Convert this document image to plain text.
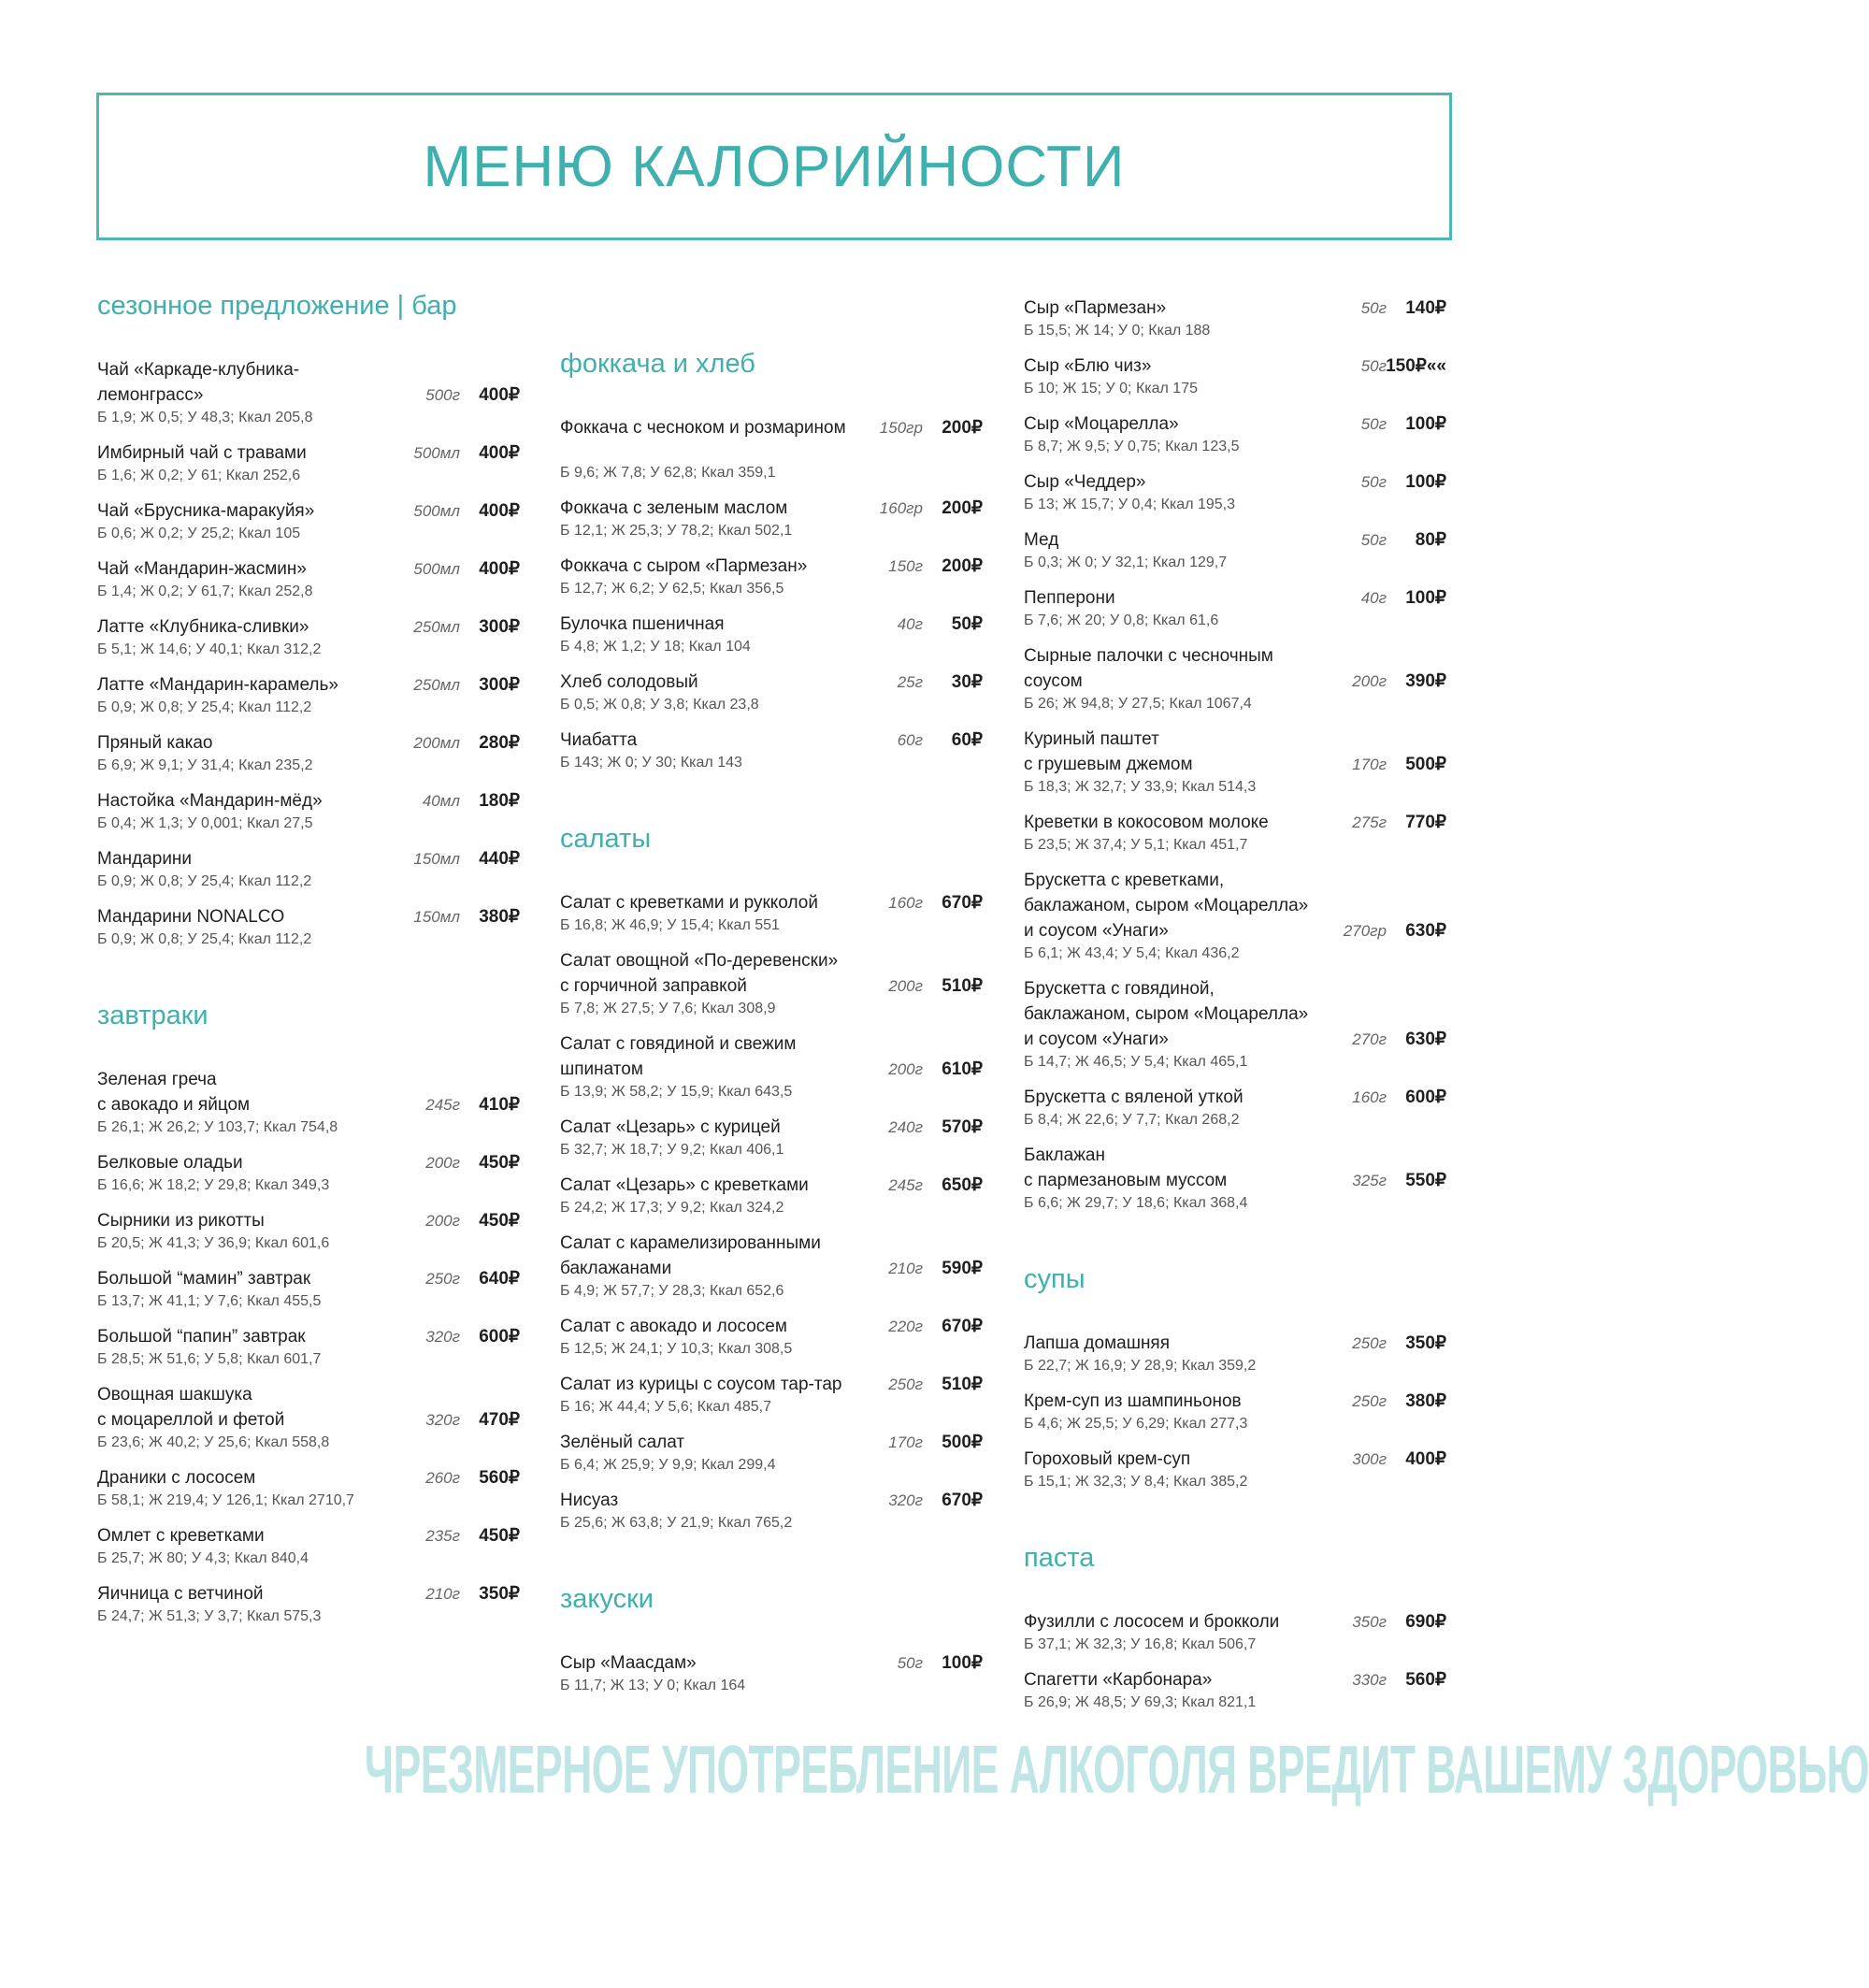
МЕНЮ КАЛОРИЙНОСТИ
сезонное предложение | бар
Чай «Каркаде-клубника-
лемонграсс»	500г	400₽
Б 1,9; Ж 0,5; У 48,3; Ккал 205,8
Имбирный чай с травами	500мл	400₽
Б 1,6; Ж 0,2; У 61; Ккал 252,6
Чай «Брусника-маракуйя»	500мл	400₽
Б 0,6; Ж 0,2; У 25,2; Ккал 105
Чай «Мандарин-жасмин»	500мл	400₽
Б 1,4; Ж 0,2; У 61,7; Ккал 252,8
Латте «Клубника-сливки»	250мл	300₽
Б 5,1; Ж 14,6; У 40,1; Ккал 312,2
Латте «Мандарин-карамель»	250мл	300₽
Б 0,9; Ж 0,8; У 25,4; Ккал 112,2
Пряный какао	200мл	280₽
Б 6,9; Ж 9,1; У 31,4; Ккал 235,2
Настойка «Мандарин-мёд»	40мл	180₽
Б 0,4; Ж 1,3; У 0,001; Ккал 27,5
Мандарини	150мл	440₽
Б 0,9; Ж 0,8; У 25,4; Ккал 112,2
Мандарини NONALCO	150мл	380₽
Б 0,9; Ж 0,8; У 25,4; Ккал 112,2
завтраки
Зеленая греча
с авокадо и яйцом	245г	410₽
Б 26,1; Ж 26,2; У 103,7; Ккал 754,8
Белковые оладьи	200г	450₽
Б 16,6; Ж 18,2; У 29,8; Ккал 349,3
Сырники из рикотты	200г	450₽
Б 20,5; Ж 41,3; У 36,9; Ккал 601,6
Большой “мамин” завтрак	250г	640₽
Б 13,7; Ж 41,1; У 7,6; Ккал 455,5
Большой “папин” завтрак	320г	600₽
Б 28,5; Ж 51,6; У 5,8; Ккал 601,7
Овощная шакшука
с моцареллой и фетой	320г	470₽
Б 23,6; Ж 40,2; У 25,6; Ккал 558,8
Драники с лососем	260г	560₽
Б 58,1; Ж 219,4; У 126,1; Ккал 2710,7
Омлет с креветками	235г	450₽
Б 25,7; Ж 80; У 4,3; Ккал 840,4
Яичница с ветчиной	210г	350₽
Б 24,7; Ж 51,3; У 3,7; Ккал 575,3
фоккача и хлеб
Фоккача с чесноком и розмарином	150гр	200₽
Б 9,6; Ж 7,8; У 62,8; Ккал 359,1
Фоккача с зеленым маслом	160гр	200₽
Б 12,1; Ж 25,3; У 78,2; Ккал 502,1
Фоккача с сыром «Пармезан»	150г	200₽
Б 12,7; Ж 6,2; У 62,5; Ккал 356,5
Булочка пшеничная	40г	50₽
Б 4,8; Ж 1,2; У 18; Ккал 104
Хлеб солодовый	25г	30₽
Б 0,5; Ж 0,8; У 3,8; Ккал 23,8
Чиабатта	60г	60₽
Б 143; Ж 0; У 30; Ккал 143
салаты
Салат с креветками и рукколой	160г	670₽
Б 16,8; Ж 46,9; У 15,4; Ккал 551
Салат овощной «По-деревенски»
с горчичной заправкой	200г	510₽
Б 7,8; Ж 27,5; У 7,6; Ккал 308,9
Салат с говядиной и свежим
шпинатом	200г	610₽
Б 13,9; Ж 58,2; У 15,9; Ккал 643,5
Салат «Цезарь» с курицей	240г	570₽
Б 32,7; Ж 18,7; У 9,2; Ккал 406,1
Салат «Цезарь» с креветками	245г	650₽
Б 24,2; Ж 17,3; У 9,2; Ккал 324,2
Салат с карамелизированными
баклажанами	210г	590₽
Б 4,9; Ж 57,7; У 28,3; Ккал 652,6
Салат с авокадо и лососем	220г	670₽
Б 12,5; Ж 24,1; У 10,3; Ккал 308,5
Салат из курицы с соусом тар-тар	250г	510₽
Б 16; Ж 44,4; У 5,6; Ккал 485,7
Зелёный салат	170г	500₽
Б 6,4; Ж 25,9; У 9,9; Ккал 299,4
Нисуаз	320г	670₽
Б 25,6; Ж 63,8; У 21,9; Ккал 765,2
закуски
Сыр «Маасдам»	50г	100₽
Б 11,7; Ж 13; У 0; Ккал 164
Сыр «Пармезан»	50г	140₽
Б 15,5; Ж 14; У 0; Ккал 188
Сыр «Блю чиз»	50г 150₽««
Б 10; Ж 15; У 0; Ккал 175
Сыр «Моцарелла»	50г	100₽
Б 8,7; Ж 9,5; У 0,75; Ккал 123,5
Сыр «Чеддер»	50г	100₽
Б 13; Ж 15,7; У 0,4; Ккал 195,3
Мед	50г	80₽
Б 0,3; Ж 0; У 32,1; Ккал 129,7
Пепперони	40г	100₽
Б 7,6; Ж 20; У 0,8; Ккал 61,6
Сырные палочки с чесночным
соусом	200г	390₽
Б 26; Ж 94,8; У 27,5; Ккал 1067,4
Куриный паштет
с грушевым джемом	170г	500₽
Б 18,3; Ж 32,7; У 33,9; Ккал 514,3
Креветки в кокосовом молоке	275г	770₽
Б 23,5; Ж 37,4; У 5,1; Ккал 451,7
Брускетта с креветками,
баклажаном, сыром «Моцарелла»
и соусом «Унаги»	270гр	630₽
Б 6,1; Ж 43,4; У 5,4; Ккал 436,2
Брускетта с говядиной,
баклажаном, сыром «Моцарелла»
и соусом «Унаги»	270г	630₽
Б 14,7; Ж 46,5; У 5,4; Ккал 465,1
Брускетта с вяленой уткой	160г	600₽
Б 8,4; Ж 22,6; У 7,7; Ккал 268,2
Баклажан
с пармезановым муссом	325г	550₽
Б 6,6; Ж 29,7; У 18,6; Ккал 368,4
супы
Лапша домашняя	250г	350₽
Б 22,7; Ж 16,9; У 28,9; Ккал 359,2
Крем-суп из шампиньонов	250г	380₽
Б 4,6; Ж 25,5; У 6,29; Ккал 277,3
Гороховый крем-суп	300г	400₽
Б 15,1; Ж 32,3; У 8,4; Ккал 385,2
паста
Фузилли с лососем и брокколи	350г	690₽
Б 37,1; Ж 32,3; У 16,8; Ккал 506,7
Спагетти «Карбонара»	330г	560₽
Б 26,9; Ж 48,5; У 69,3; Ккал 821,1
ЧРЕЗМЕРНОЕ УПОТРЕБЛЕНИЕ АЛКОГОЛЯ ВРЕДИТ ВАШЕМУ ЗДОРОВЬЮ
